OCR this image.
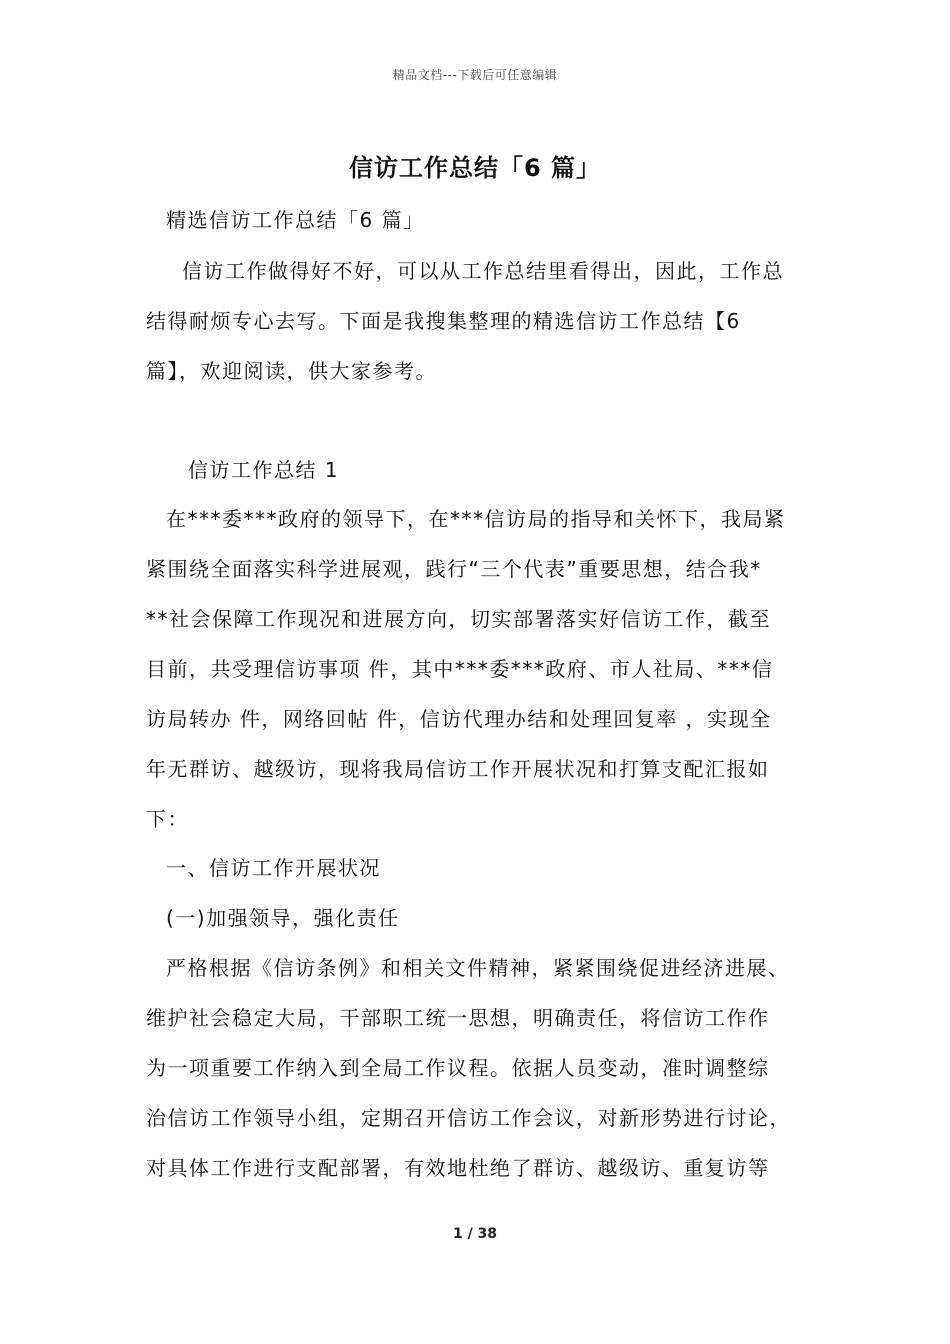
精品文档---下载后可任意编辑
信访工作总结「6 篇」
精选信访工作总结「6 篇」
信访工作做得好不好，可以从工作总结里看得出，因此，工作总
结得耐烦专心去写。下面是我搜集整理的精选信访工作总结【6
篇】，欢迎阅读，供大家参考。
信访工作总结 1
在***委***政府的领导下，在***信访局的指导和关怀下，我局紧
紧围绕全面落实科学进展观，践行“三个代表”重要思想，结合我*
**社会保障工作现况和进展方向，切实部署落实好信访工作，截至
目前，共受理信访事项 件，其中***委***政府、市人社局、***信
访局转办 件，网络回帖 件，信访代理办结和处理回复率 ，实现全
年无群访、越级访，现将我局信访工作开展状况和打算支配汇报如
下：
一、信访工作开展状况
(一)加强领导，强化责任
严格根据《信访条例》和相关文件精神，紧紧围绕促进经济进展、
维护社会稳定大局，干部职工统一思想，明确责任，将信访工作作
为一项重要工作纳入到全局工作议程。依据人员变动，准时调整综
治信访工作领导小组，定期召开信访工作会议，对新形势进行讨论，
对具体工作进行支配部署，有效地杜绝了群访、越级访、重复访等
1 / 38
